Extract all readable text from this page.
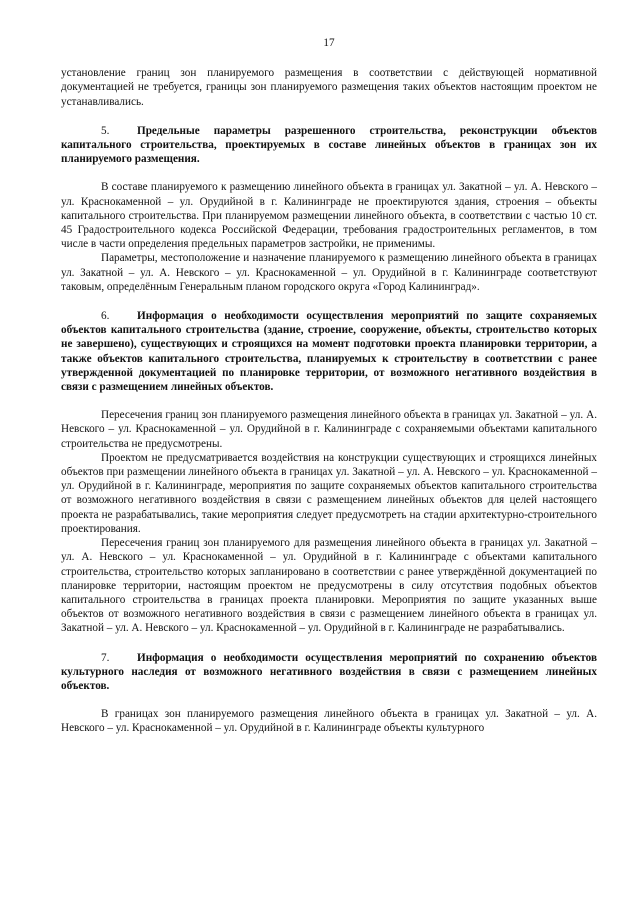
17

установление границ зон планируемого размещения в соответствии с действующей нормативной документацией не требуется, границы зон планируемого размещения таких объектов настоящим проектом не устанавливались.

5. Предельные параметры разрешенного строительства, реконструкции объектов капитального строительства, проектируемых в составе линейных объектов в границах зон их планируемого размещения.

В составе планируемого к размещению линейного объекта в границах ул. Закатной – ул. А. Невского – ул. Краснокаменной – ул. Орудийной в г. Калининграде не проектируются здания, строения – объекты капитального строительства. При планируемом размещении линейного объекта, в соответствии с частью 10 ст. 45 Градостроительного кодекса Российской Федерации, требования градостроительных регламентов, в том числе в части определения предельных параметров застройки, не применимы.

Параметры, местоположение и назначение планируемого к размещению линейного объекта в границах ул. Закатной – ул. А. Невского – ул. Краснокаменной – ул. Орудийной в г. Калининграде соответствуют таковым, определённым Генеральным планом городского округа «Город Калининград».

6. Информация о необходимости осуществления мероприятий по защите сохраняемых объектов капитального строительства (здание, строение, сооружение, объекты, строительство которых не завершено), существующих и строящихся на момент подготовки проекта планировки территории, а также объектов капитального строительства, планируемых к строительству в соответствии с ранее утвержденной документацией по планировке территории, от возможного негативного воздействия в связи с размещением линейных объектов.

Пересечения границ зон планируемого размещения линейного объекта в границах ул. Закатной – ул. А. Невского – ул. Краснокаменной – ул. Орудийной в г. Калининграде с сохраняемыми объектами капитального строительства не предусмотрены.

Проектом не предусматривается воздействия на конструкции существующих и строящихся линейных объектов при размещении линейного объекта в границах ул. Закатной – ул. А. Невского – ул. Краснокаменной – ул. Орудийной в г. Калининграде, мероприятия по защите сохраняемых объектов капитального строительства от возможного негативного воздействия в связи с размещением линейных объектов для целей настоящего проекта не разрабатывались, такие мероприятия следует предусмотреть на стадии архитектурно-строительного проектирования.

Пересечения границ зон планируемого для размещения линейного объекта в границах ул. Закатной – ул. А. Невского – ул. Краснокаменной – ул. Орудийной в г. Калининграде с объектами капитального строительства, строительство которых запланировано в соответствии с ранее утверждённой документацией по планировке территории, настоящим проектом не предусмотрены в силу отсутствия подобных объектов капитального строительства в границах проекта планировки. Мероприятия по защите указанных выше объектов от возможного негативного воздействия в связи с размещением линейного объекта в границах ул. Закатной – ул. А. Невского – ул. Краснокаменной – ул. Орудийной в г. Калининграде не разрабатывались.

7. Информация о необходимости осуществления мероприятий по сохранению объектов культурного наследия от возможного негативного воздействия в связи с размещением линейных объектов.

В границах зон планируемого размещения линейного объекта в границах ул. Закатной – ул. А. Невского – ул. Краснокаменной – ул. Орудийной в г. Калининграде объекты культурного
